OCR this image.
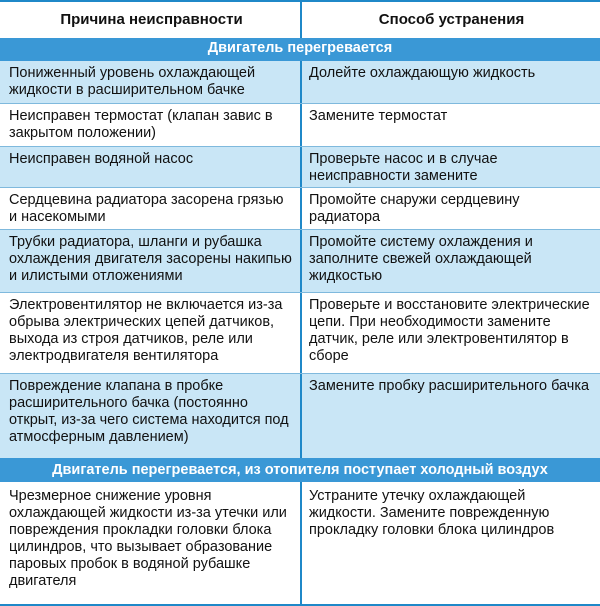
Причина неисправности	Способ устранения
Двигатель перегревается
Пониженный уровень охлаждающей жидкости в расширительном бачке
Долейте охлаждающую жидкость
Неисправен термостат (клапан завис в закрытом положении)
Замените термостат
Неисправен водяной насос	Проверьте насос и в случае неисправности замените
Сердцевина радиатора засорена грязью и насекомыми
Промойте снаружи сердцевину радиатора
Трубки радиатора, шланги и рубашка охлаждения двигателя засорены накипью и илистыми отложениями
Промойте систему охлаждения и заполните свежей охлаждающей жидкостью
Электровентилятор не включается из-за обрыва электрических цепей датчиков, выхода из строя датчиков, реле или электродвигателя вентилятора
Проверьте и восстановите электрические цепи. При необходимости замените датчик, реле или электровентилятор в сборе
Повреждение клапана в пробке расширительного бачка (постоянно открыт, из-за чего система находится под атмосферным давлением)
Замените пробку расширительного бачка
Двигатель перегревается, из отопителя поступает холодный воздух
Чрезмерное снижение уровня охлаждающей жидкости из-за утечки или повреждения прокладки головки блока цилиндров, что вызывает образование паровых пробок в водяной рубашке двигателя
Устраните утечку охлаждающей жидкости. Замените поврежденную прокладку головки блока цилиндров
